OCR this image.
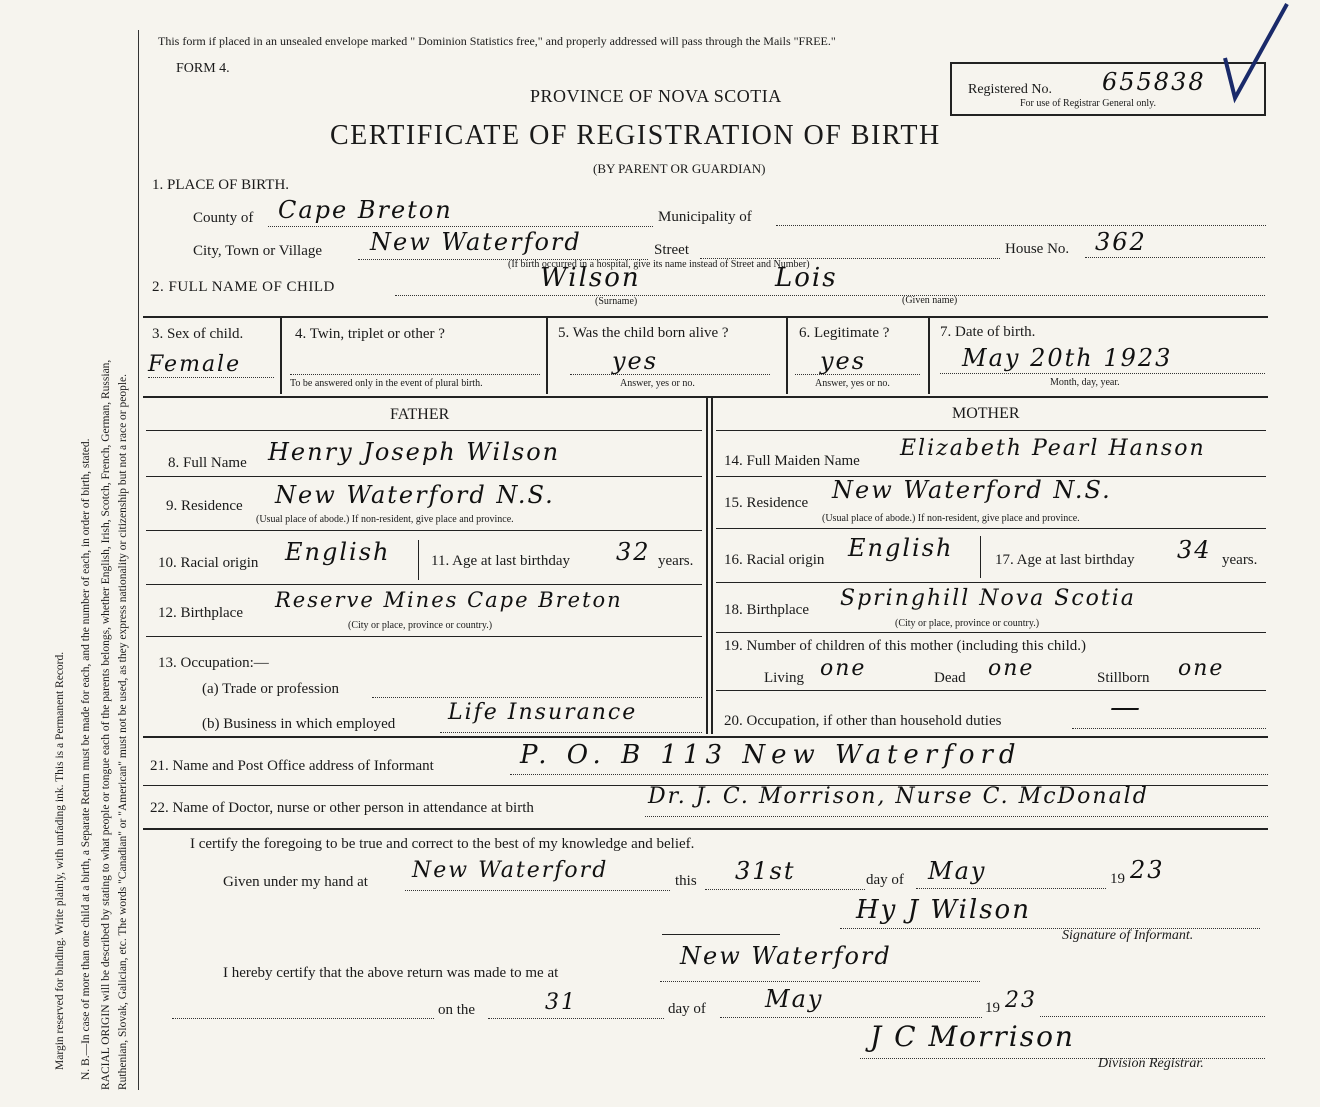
Margin reserved for binding. Write plainly, with unfading ink. This is a Permanent Record. N. B.—In case of more than one child at a birth, a Separate Return must be made for each, and the number of each, in order of birth, stated. RACIAL ORIGIN will be described by stating to what people or tongue each of the parents belongs, whether English, Irish, Scotch, French, German, Russian, Ruthenian, Slovak, Galician, etc. The words "Canadian" or "American" must not be used, as they express nationality or citizenship but not a race or people.
This form if placed in an unsealed envelope marked " Dominion Statistics free," and properly addressed will pass through the Mails "FREE."
FORM 4.
PROVINCE OF NOVA SCOTIA
CERTIFICATE OF REGISTRATION OF BIRTH
(BY PARENT OR GUARDIAN)
Registered No. 655838
For use of Registrar General only.
1. PLACE OF BIRTH.
County of Cape Breton	Municipality of
City, Town or Village New Waterford	Street	House No. 362
(If birth occurred in a hospital, give its name instead of Street and Number)
2. FULL NAME OF CHILD	Wilson	Lois
(Surname)	(Given name)
3. Sex of child.
Female
4. Twin, triplet or other ?
To be answered only in the event of plural birth.
5. Was the child born alive ?
yes
Answer, yes or no.
6. Legitimate ?
yes
Answer, yes or no.
7. Date of birth.
May 20th 1923
Month, day, year.
FATHER	MOTHER
8. Full Name Henry Joseph Wilson
9. Residence New Waterford N.S.
(Usual place of abode.) If non-resident, give place and province.
10. Racial origin English	11. Age at last birthday 32 years.
12. Birthplace
Reserve Mines Cape Breton
(City or place, province or country.)
13. Occupation:—
(a) Trade or profession
(b) Business in which employed Life Insurance
14. Full Maiden Name Elizabeth Pearl Hanson
15. Residence New Waterford N.S.
(Usual place of abode.) If non-resident, give place and province.
16. Racial origin English	17. Age at last birthday 34 years.
18. Birthplace Springhill Nova Scotia
(City or place, province or country.)
19. Number of children of this mother (including this child.)
Living one	Dead one	Stillborn one
20. Occupation, if other than household duties	—
21. Name and Post Office address of Informant	P. O. B 113 New Waterford
22. Name of Doctor, nurse or other person in attendance at birth	Dr. J. C. Morrison, Nurse C. McDonald
I certify the foregoing to be true and correct to the best of my knowledge and belief.
Given under my hand at New Waterford	this 31st	day of May	19 23
Hy J Wilson
Signature of Informant.
I hereby certify that the above return was made to me at
New Waterford
on the	31	day of May	19 23
J C Morrison
Division Registrar.
